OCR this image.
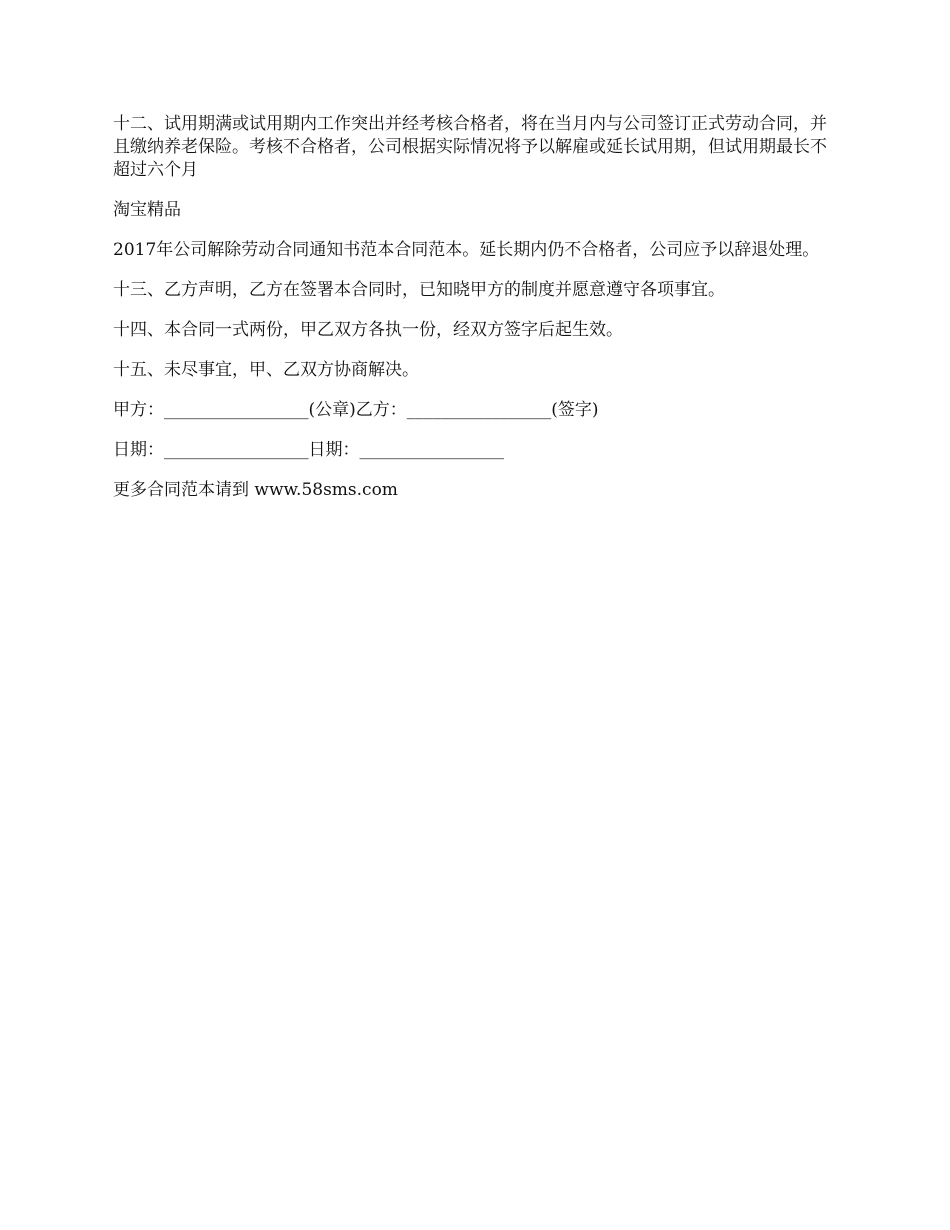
十二、试用期满或试用期内工作突出并经考核合格者，将在当月内与公司签订正式劳动合同，并且缴纳养老保险。考核不合格者，公司根据实际情况将予以解雇或延长试用期，但试用期最长不超过六个月

淘宝精品

2017年公司解除劳动合同通知书范本合同范本。延长期内仍不合格者，公司应予以辞退处理。

十三、乙方声明，乙方在签署本合同时，已知晓甲方的制度并愿意遵守各项事宜。

十四、本合同一式两份，甲乙双方各执一份，经双方签字后起生效。

十五、未尽事宜，甲、乙双方协商解决。

甲方：_________________(公章)乙方：_________________(签字)

日期：_________________日期：_________________

更多合同范本请到 www.58sms.com
